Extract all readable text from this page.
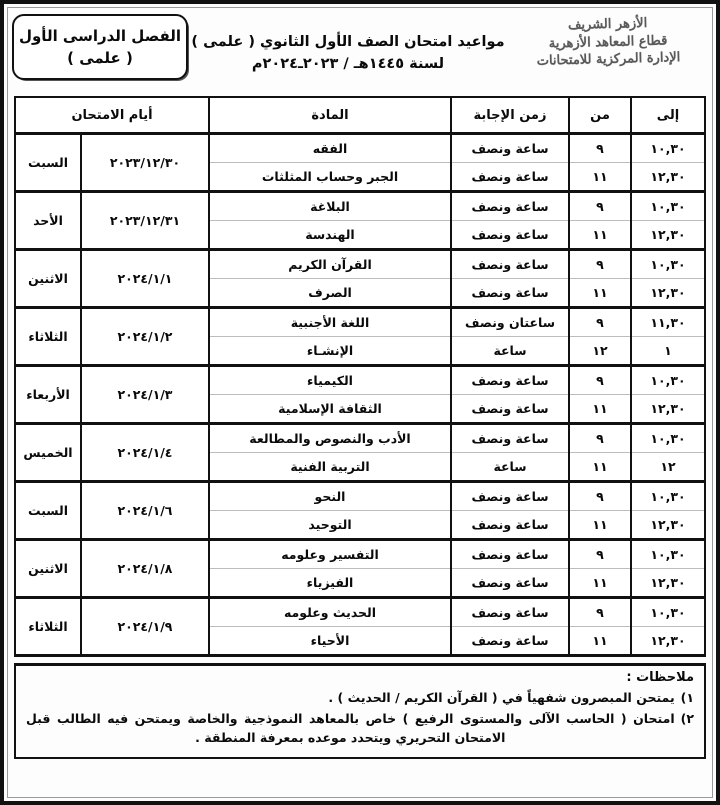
الأزهر الشريف
قطاع المعاهد الأزهرية
الإدارة المركزية للامتحانات
مواعيد امتحان الصف الأول الثانوي ( علمى )
لسنة ١٤٤٥هـ / ٢٠٢٣ـ٢٠٢٤م
الفصل الدراسى الأول
( علمى )
إلى	من	زمن الإجابة	المادة	أيام الامتحان	
١٠,٣٠	٩	ساعة ونصف	الفقه	٢٠٢٣/١٢/٣٠	السبت
١٢,٣٠	١١	ساعة ونصف	الجبر وحساب المثلثات		
١٠,٣٠	٩	ساعة ونصف	البلاغة	٢٠٢٣/١٢/٣١	الأحد
١٢,٣٠	١١	ساعة ونصف	الهندسة		
١٠,٣٠	٩	ساعة ونصف	القرآن الكريم	٢٠٢٤/١/١	الاثنين
١٢,٣٠	١١	ساعة ونصف	الصرف		
١١,٣٠	٩	ساعتان ونصف	اللغة الأجنبية	٢٠٢٤/١/٢	الثلاثاء
١	١٢	ساعة	الإنشـاء		
١٠,٣٠	٩	ساعة ونصف	الكيمياء	٢٠٢٤/١/٣	الأربعاء
١٢,٣٠	١١	ساعة ونصف	الثقافة الإسلامية		
١٠,٣٠	٩	ساعة ونصف	الأدب والنصوص والمطالعة	٢٠٢٤/١/٤	الخميس
١٢	١١	ساعة	التربية الفنية		
١٠,٣٠	٩	ساعة ونصف	النحو	٢٠٢٤/١/٦	السبت
١٢,٣٠	١١	ساعة ونصف	التوحيد		
١٠,٣٠	٩	ساعة ونصف	التفسير وعلومه	٢٠٢٤/١/٨	الاثنين
١٢,٣٠	١١	ساعة ونصف	الفيزياء		
١٠,٣٠	٩	ساعة ونصف	الحديث وعلومه	٢٠٢٤/١/٩	الثلاثاء
١٢,٣٠	١١	ساعة ونصف	الأحياء		
ملاحظات :
١)
يمتحن المبصرون شفهياً في ( القرآن الكريم / الحديث ) .
٢)
امتحان ( الحاسب الآلى والمستوى الرفيع ) خاص بالمعاهد النموذجية والخاصة ويمتحن فيه الطالب قبل الامتحان التحريري ويتحدد موعده بمعرفة المنطقة .
